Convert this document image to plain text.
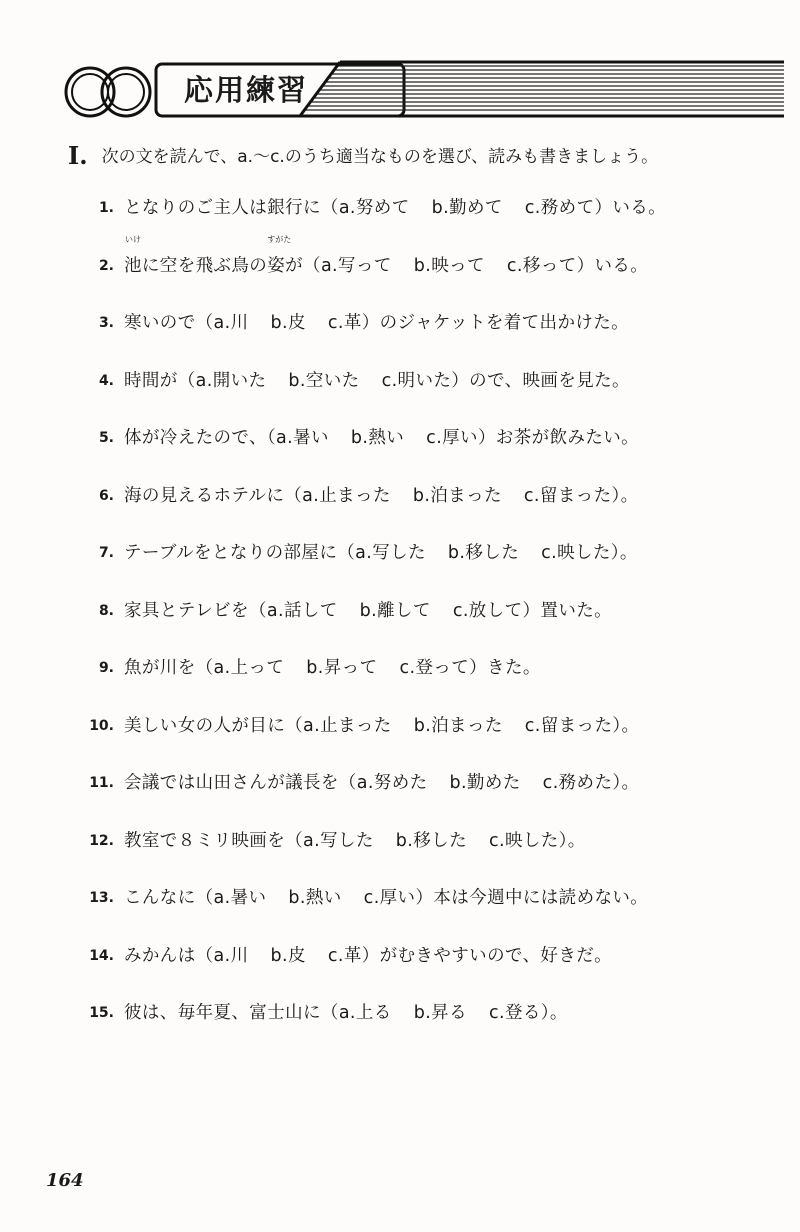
応用練習
I. 次の文を読んで、a.〜c.のうち適当なものを選び、読みも書きましょう。
1. となりのご主人は銀行に（a.努めて b.勤めて c.務めて）いる。
2.
いけ
池に空を飛ぶ鳥の
すがた
姿が（a.写って b.映って c.移って）いる。
3. 寒いので（a.川 b.皮 c.革）のジャケットを着て出かけた。
4. 時間が（a.開いた b.空いた c.明いた）ので、映画を見た。
5. 体が冷えたので、（a.暑い b.熱い c.厚い）お茶が飲みたい。
6. 海の見えるホテルに（a.止まった b.泊まった c.留まった）。
7. テーブルをとなりの部屋に（a.写した b.移した c.映した）。
8. 家具とテレビを（a.話して b.離して c.放して）置いた。
9. 魚が川を（a.上って b.昇って c.登って）きた。
10. 美しい女の人が目に（a.止まった b.泊まった c.留まった）。
11. 会議では山田さんが議長を（a.努めた b.勤めた c.務めた）。
12. 教室で８ミリ映画を（a.写した b.移した c.映した）。
13. こんなに（a.暑い b.熱い c.厚い）本は今週中には読めない。
14. みかんは（a.川 b.皮 c.革）がむきやすいので、好きだ。
15. 彼は、毎年夏、富士山に（a.上る b.昇る c.登る）。
164
